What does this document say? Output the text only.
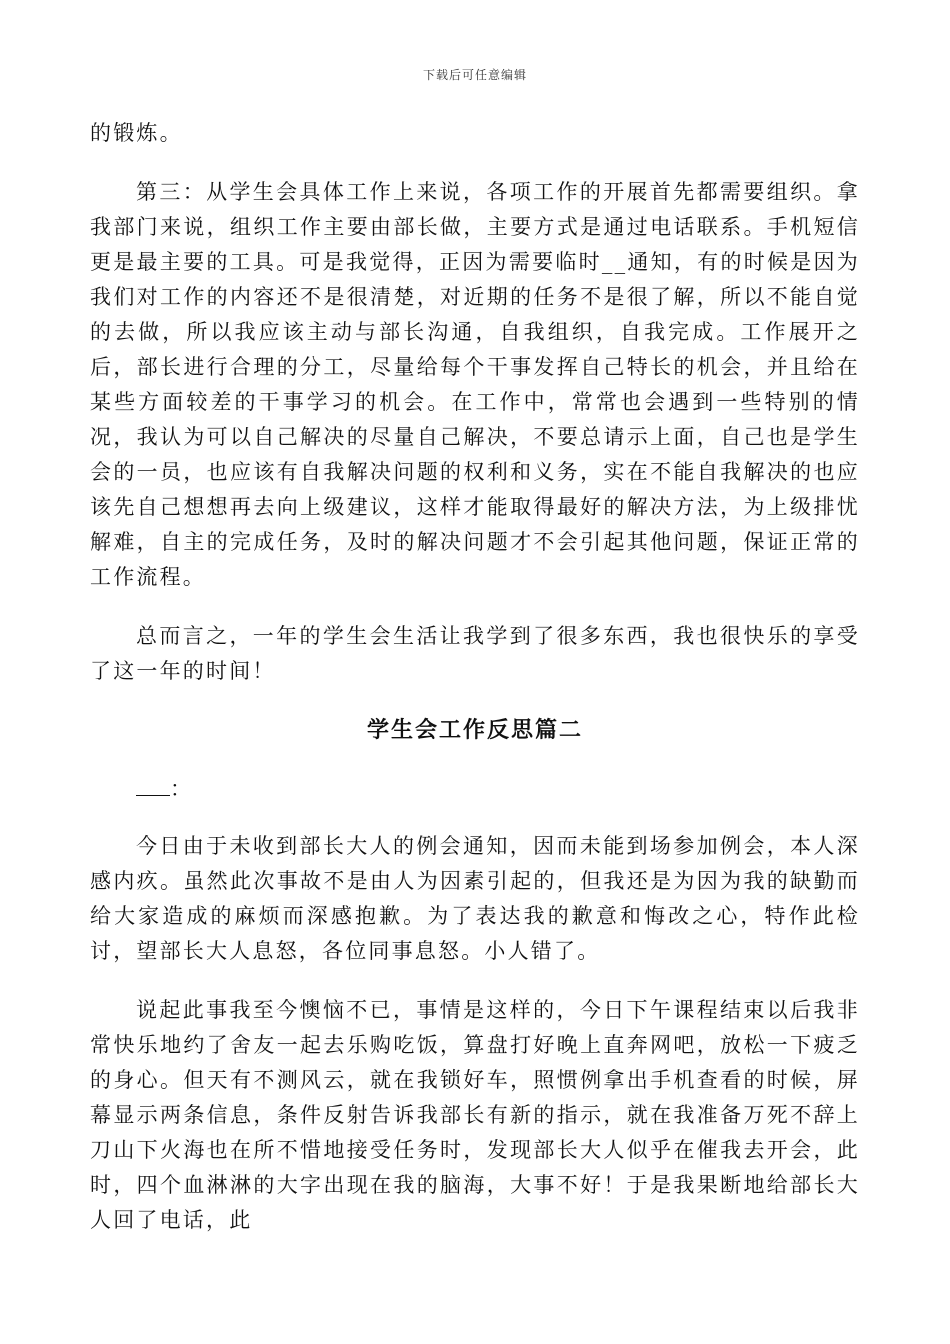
下载后可任意编辑

的锻炼。

第三：从学生会具体工作上来说，各项工作的开展首先都需要组织。拿我部门来说，组织工作主要由部长做，主要方式是通过电话联系。手机短信更是最主要的工具。可是我觉得，正因为需要临时__通知，有的时候是因为我们对工作的内容还不是很清楚，对近期的任务不是很了解，所以不能自觉的去做，所以我应该主动与部长沟通，自我组织，自我完成。工作展开之后，部长进行合理的分工，尽量给每个干事发挥自己特长的机会，并且给在某些方面较差的干事学习的机会。在工作中，常常也会遇到一些特别的情况，我认为可以自己解决的尽量自己解决，不要总请示上面，自己也是学生会的一员，也应该有自我解决问题的权利和义务，实在不能自我解决的也应该先自己想想再去向上级建议，这样才能取得最好的解决方法，为上级排忧解难，自主的完成任务，及时的解决问题才不会引起其他问题，保证正常的工作流程。

总而言之，一年的学生会生活让我学到了很多东西，我也很快乐的享受了这一年的时间！

学生会工作反思篇二

：

今日由于未收到部长大人的例会通知，因而未能到场参加例会，本人深感内疚。虽然此次事故不是由人为因素引起的，但我还是为因为我的缺勤而给大家造成的麻烦而深感抱歉。为了表达我的歉意和悔改之心，特作此检讨，望部长大人息怒，各位同事息怒。小人错了。

说起此事我至今懊恼不已，事情是这样的，今日下午课程结束以后我非常快乐地约了舍友一起去乐购吃饭，算盘打好晚上直奔网吧，放松一下疲乏的身心。但天有不测风云，就在我锁好车，照惯例拿出手机查看的时候，屏幕显示两条信息，条件反射告诉我部长有新的指示，就在我准备万死不辞上刀山下火海也在所不惜地接受任务时，发现部长大人似乎在催我去开会，此时，四个血淋淋的大字出现在我的脑海，大事不好！于是我果断地给部长大人回了电话，此
